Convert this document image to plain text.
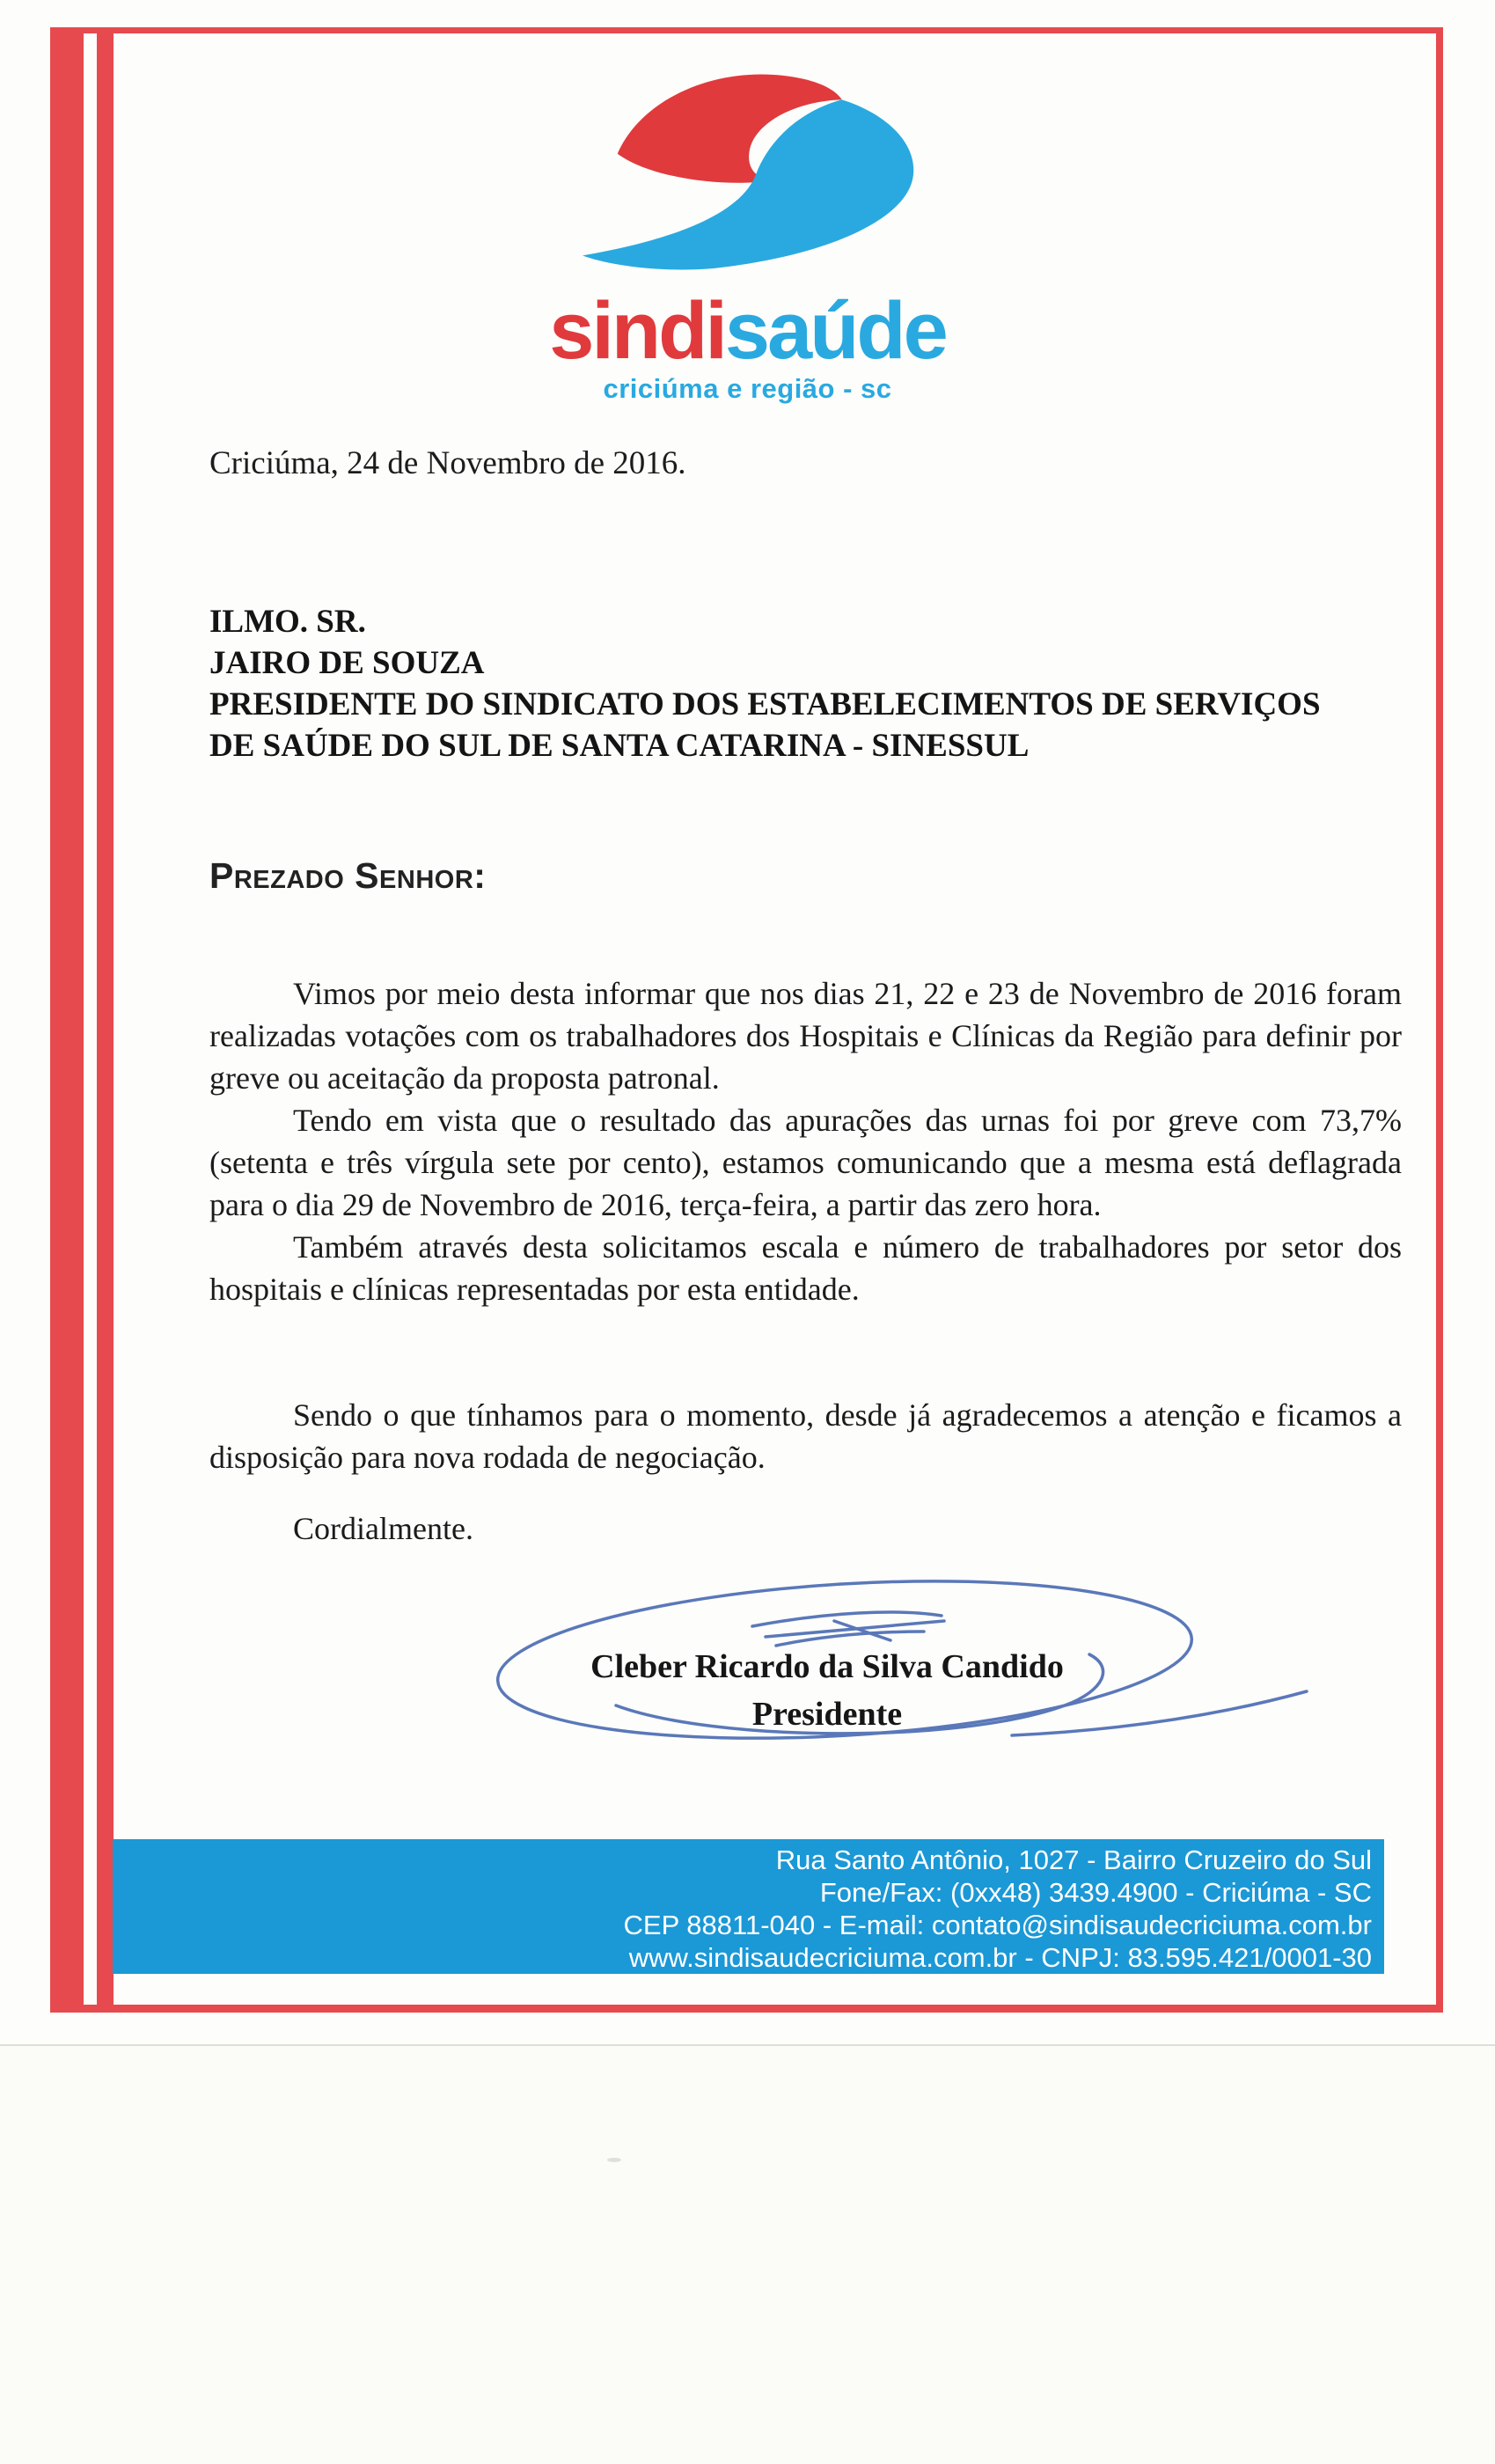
sindisaúde
criciúma e região - sc
Criciúma, 24 de Novembro de 2016.
ILMO. SR.
JAIRO DE SOUZA
PRESIDENTE DO SINDICATO DOS ESTABELECIMENTOS DE SERVIÇOS
DE SAÚDE DO SUL DE SANTA CATARINA - SINESSUL
Prezado Senhor:

Vimos por meio desta informar que nos dias 21, 22 e 23 de Novembro de 2016 foram realizadas votações com os trabalhadores dos Hospitais e Clínicas da Região para definir por greve ou aceitação da proposta patronal.

Tendo em vista que o resultado das apurações das urnas foi por greve com 73,7% (setenta e três vírgula sete por cento), estamos comunicando que a mesma está deflagrada para o dia 29 de Novembro de 2016, terça-feira, a partir das zero hora.

Também através desta solicitamos escala e número de trabalhadores por setor dos hospitais e clínicas representadas por esta entidade.

Sendo o que tínhamos para o momento, desde já agradecemos a atenção e ficamos a disposição para nova rodada de negociação.

Cordialmente.

Cleber Ricardo da Silva Candido
Presidente
Rua Santo Antônio, 1027 - Bairro Cruzeiro do Sul
Fone/Fax: (0xx48) 3439.4900 - Criciúma - SC
CEP 88811-040 - E-mail: contato@sindisaudecriciuma.com.br
www.sindisaudecriciuma.com.br - CNPJ: 83.595.421/0001-30
